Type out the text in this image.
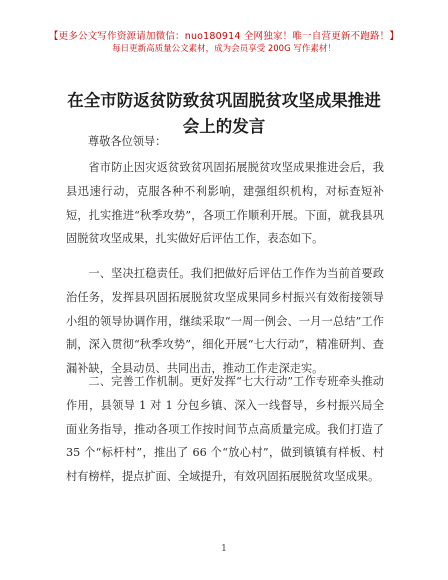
【更多公文写作资源请加微信：nuo180914 全网独家！唯一自营更新不跑路！】
每日更新高质量公文素材，成为会员享受 200G 写作素材！
在全市防返贫防致贫巩固脱贫攻坚成果推进会上的发言
尊敬各位领导：
省市防止因灾返贫致贫巩固拓展脱贫攻坚成果推进会后，我县迅速行动，克服各种不利影响，建强组织机构，对标查短补短，扎实推进“秋季攻势”，各项工作顺利开展。下面，就我县巩固脱贫攻坚成果，扎实做好后评估工作，表态如下。
一、坚决扛稳责任。我们把做好后评估工作作为当前首要政治任务，发挥县巩固拓展脱贫攻坚成果同乡村振兴有效衔接领导小组的领导协调作用，继续采取“一周一例会、一月一总结”工作制，深入贯彻“秋季攻势”，细化开展“七大行动”，精准研判、查漏补缺，全县动员、共同出击，推动工作走深走实。
二、完善工作机制。更好发挥“七大行动”工作专班牵头推动作用，县领导 1 对 1 分包乡镇、深入一线督导，乡村振兴局全面业务指导，推动各项工作按时间节点高质量完成。我们打造了 35 个“标杆村”，推出了 66 个“放心村”，做到镇镇有样板、村村有榜样，提点扩面、全域提升，有效巩固拓展脱贫攻坚成果。
1
